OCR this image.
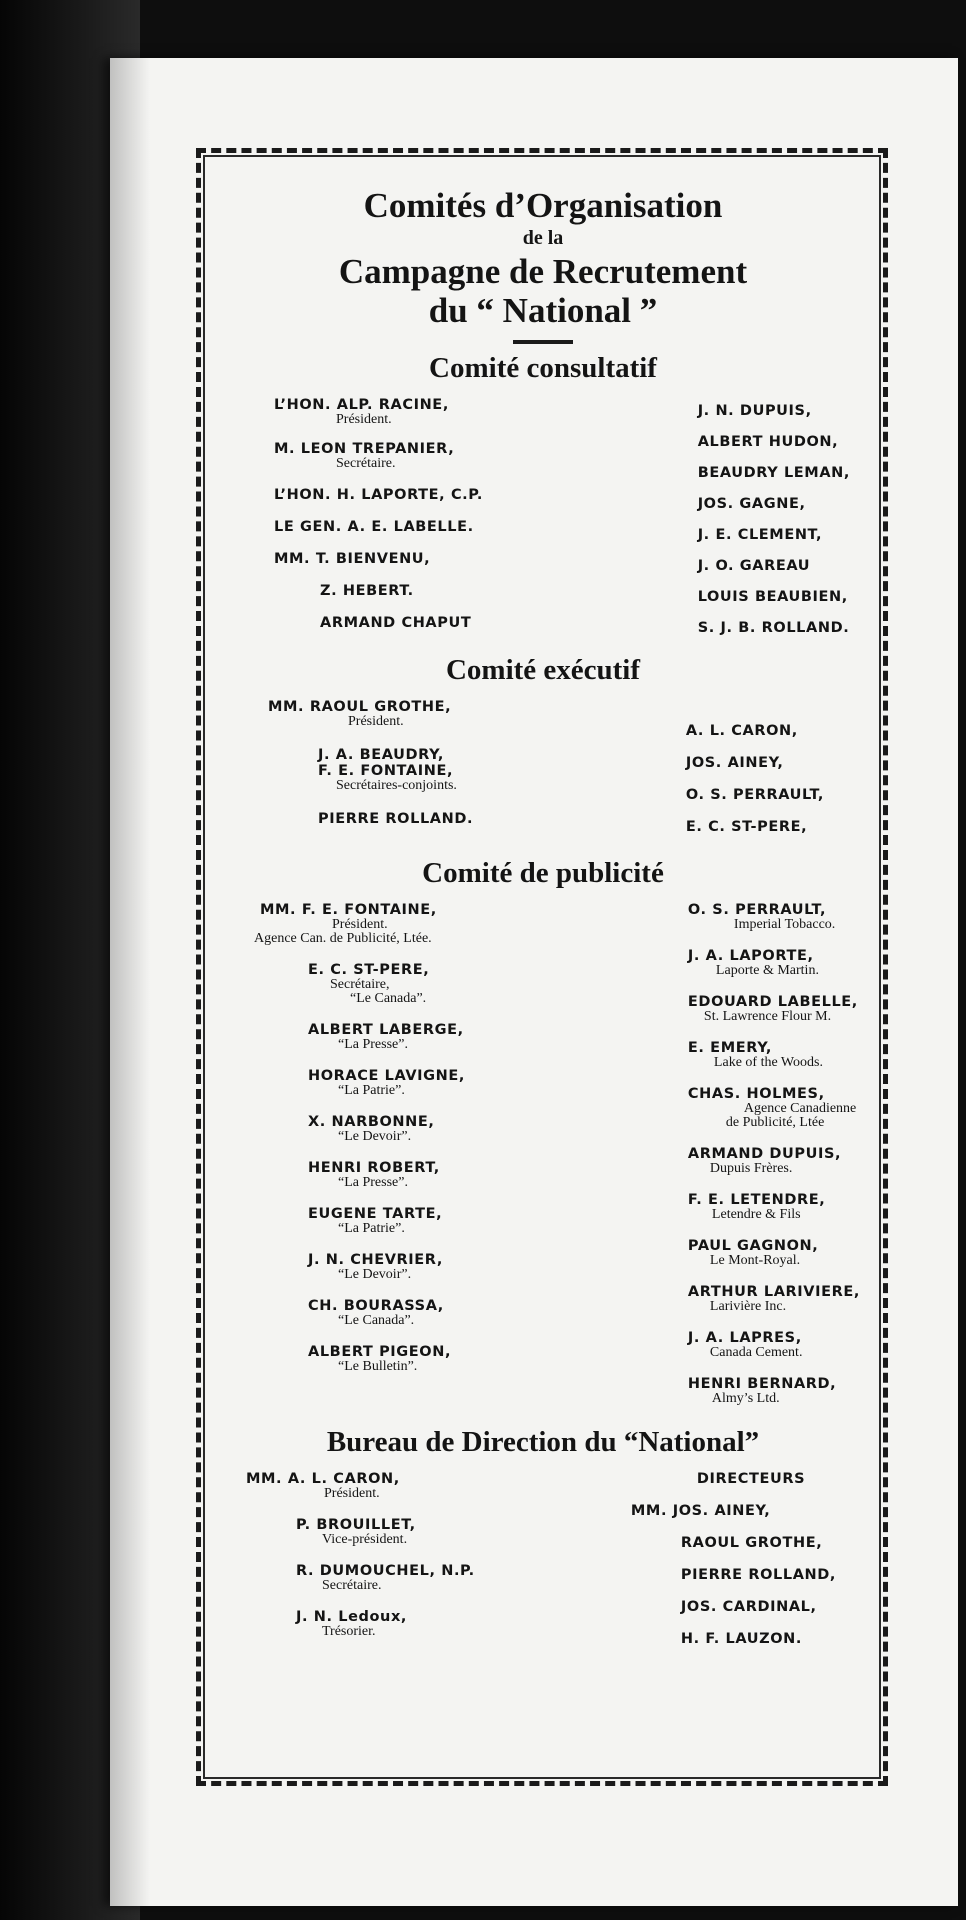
Comités d’Organisation
de la
Campagne de Recrutement
du “ National ”
Comité consultatif
L’HON. ALP. RACINE,
Président.
M. LEON TREPANIER,
Secrétaire.
L’HON. H. LAPORTE, C.P.
LE GEN. A. E. LABELLE.
MM. T. BIENVENU,
Z. HEBERT.
ARMAND CHAPUT
J. N. DUPUIS,
ALBERT HUDON,
BEAUDRY LEMAN,
JOS. GAGNE,
J. E. CLEMENT,
J. O. GAREAU
LOUIS BEAUBIEN,
S. J. B. ROLLAND.
Comité exécutif
MM. RAOUL GROTHE,
Président.
J. A. BEAUDRY,
F. E. FONTAINE,
Secrétaires-conjoints.
PIERRE ROLLAND.
A. L. CARON,
JOS. AINEY,
O. S. PERRAULT,
E. C. ST-PERE,
Comité de publicité
MM. F. E. FONTAINE,
Président.
Agence Can. de Publicité, Ltée.
E. C. ST-PERE,
Secrétaire,
“Le Canada”.
ALBERT LABERGE,
“La Presse”.
HORACE LAVIGNE,
“La Patrie”.
X. NARBONNE,
“Le Devoir”.
HENRI ROBERT,
“La Presse”.
EUGENE TARTE,
“La Patrie”.
J. N. CHEVRIER,
“Le Devoir”.
CH. BOURASSA,
“Le Canada”.
ALBERT PIGEON,
“Le Bulletin”.
O. S. PERRAULT,
Imperial Tobacco.
J. A. LAPORTE,
Laporte & Martin.
EDOUARD LABELLE,
St. Lawrence Flour M.
E. EMERY,
Lake of the Woods.
CHAS. HOLMES,
Agence Canadienne
de Publicité, Ltée
ARMAND DUPUIS,
Dupuis Frères.
F. E. LETENDRE,
Letendre & Fils
PAUL GAGNON,
Le Mont-Royal.
ARTHUR LARIVIERE,
Larivière Inc.
J. A. LAPRES,
Canada Cement.
HENRI BERNARD,
Almy’s Ltd.
Bureau de Direction du “National”
MM. A. L. CARON,
Président.
P. BROUILLET,
Vice-président.
R. DUMOUCHEL, N.P.
Secrétaire.
J. N. Ledoux,
Trésorier.
DIRECTEURS
MM. JOS. AINEY,
RAOUL GROTHE,
PIERRE ROLLAND,
JOS. CARDINAL,
H. F. LAUZON.
